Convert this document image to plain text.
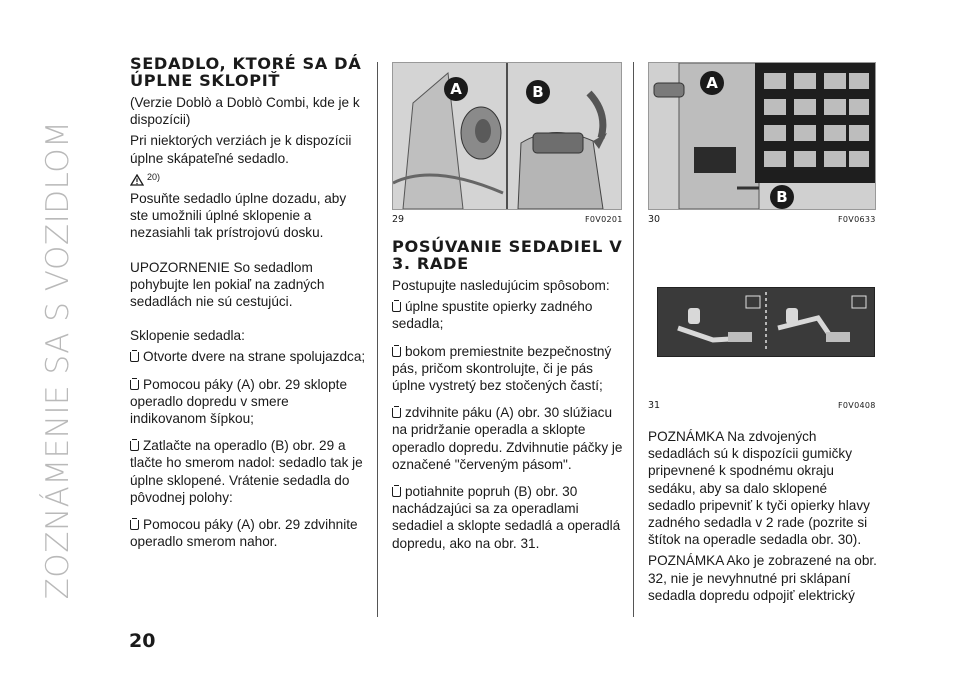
ZOZNÁMENIE SA S VOZIDLOM
20
SEDADLO, KTORÉ SA DÁ ÚPLNE SKLOPIŤ

(Verzie Doblò a Doblò Combi, kde je k dispozícii)

Pri niektorých verziách je k dispozícii úplne skápateľné sedadlo.

20)

Posuňte sedadlo úplne dozadu, aby ste umožnili úplné sklopenie a nezasiahli tak prístrojovú dosku.

UPOZORNENIE So sedadlom pohybujte len pokiaľ na zadných sedadlách nie sú cestujúci.

Sklopenie sedadla:

Otvorte dvere na strane spolujazdca;

Pomocou páky (A) obr. 29 sklopte operadlo dopredu v smere indikovanom šípkou;

Zatlačte na operadlo (B) obr. 29 a tlačte ho smerom nadol: sedadlo tak je úplne sklopené. Vrátenie sedadla do pôvodnej polohy:

Pomocou páky (A) obr. 29 zdvihnite operadlo smerom nahor.

A	B
29	F0V0201
POSÚVANIE SEDADIEL V 3. RADE

Postupujte nasledujúcim spôsobom:

úplne spustite opierky zadného sedadla;

bokom premiestnite bezpečnostný pás, pričom skontrolujte, či je pás úplne vystretý bez stočených častí;

zdvihnite páku (A) obr. 30 slúžiacu na pridržanie operadla a sklopte operadlo dopredu. Zdvihnutie páčky je označené "červeným pásom".

potiahnite popruh (B) obr. 30 nachádzajúci sa za operadlami sedadiel a sklopte sedadlá a operadlá dopredu, ako na obr. 31.

A
B
30	F0V0633
31	F0V0408

POZNÁMKA Na zdvojených sedadlách sú k dispozícii gumičky pripevnené k spodnému okraju sedáku, aby sa dalo sklopené sedadlo pripevniť k tyči opierky hlavy zadného sedadla v 2 rade (pozrite si štítok na operadle sedadla obr. 30).

POZNÁMKA Ako je zobrazené na obr. 32, nie je nevyhnutné pri sklápaní sedadla dopredu odpojiť elektrický
